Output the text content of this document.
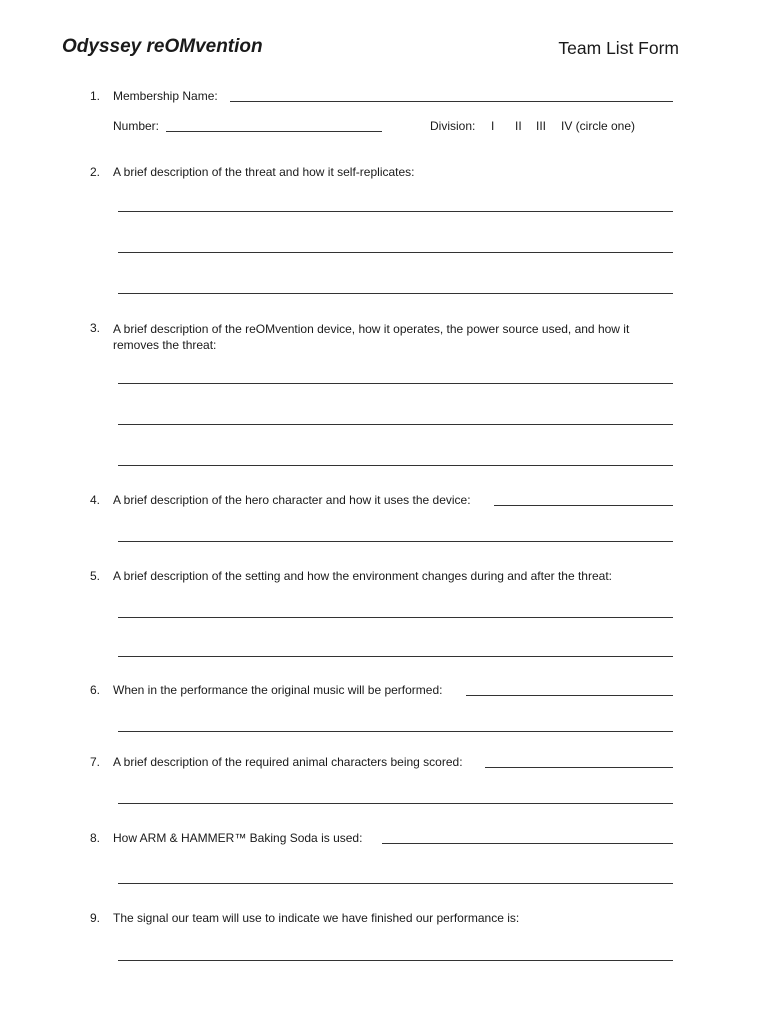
Odyssey reOMvention	Team List Form
1. Membership Name:
Number:	Division: I II III IV (circle one)
2. A brief description of the threat and how it self-replicates:
3. A brief description of the reOMvention device, how it operates, the power source used, and how it removes the threat:
4. A brief description of the hero character and how it uses the device:
5. A brief description of the setting and how the environment changes during and after the threat:
6. When in the performance the original music will be performed:
7. A brief description of the required animal characters being scored:
8. How ARM & HAMMER™ Baking Soda is used:
9. The signal our team will use to indicate we have finished our performance is:
